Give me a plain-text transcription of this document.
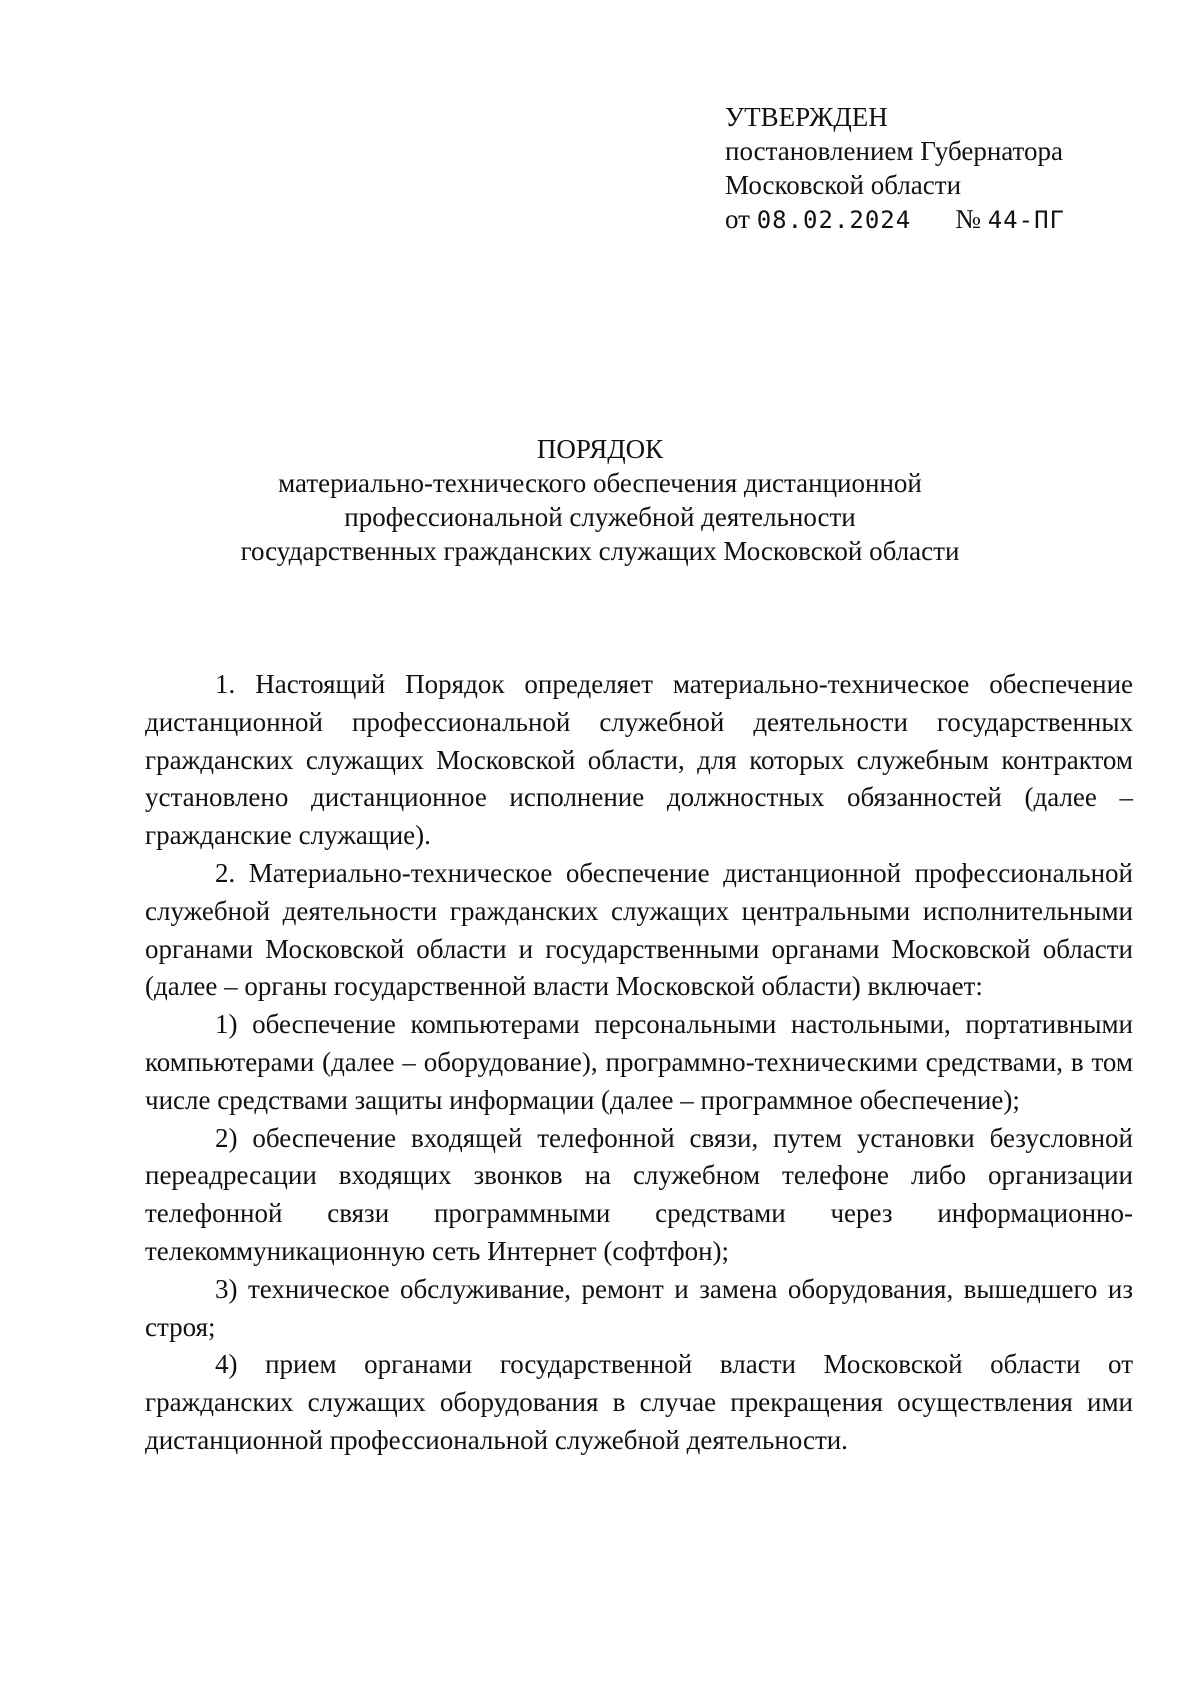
УТВЕРЖДЕН
постановлением Губернатора
Московской области
от 08.02.2024 № 44-ПГ
ПОРЯДОК
материально-технического обеспечения дистанционной
профессиональной служебной деятельности
государственных гражданских служащих Московской области

1. Настоящий Порядок определяет материально-техническое обеспечение дистанционной профессиональной служебной деятельности государственных гражданских служащих Московской области, для которых служебным контрактом установлено дистанционное исполнение должностных обязанностей (далее – гражданские служащие).

2. Материально-техническое обеспечение дистанционной профессиональной служебной деятельности гражданских служащих центральными исполнительными органами Московской области и государственными органами Московской области (далее – органы государственной власти Московской области) включает:

1) обеспечение компьютерами персональными настольными, портативными компьютерами (далее – оборудование), программно-техническими средствами, в том числе средствами защиты информации (далее – программное обеспечение);

2) обеспечение входящей телефонной связи, путем установки безусловной переадресации входящих звонков на служебном телефоне либо организации телефонной связи программными средствами через информационно-телекоммуникационную сеть Интернет (софтфон);

3) техническое обслуживание, ремонт и замена оборудования, вышедшего из строя;

4) прием органами государственной власти Московской области от гражданских служащих оборудования в случае прекращения осуществления ими дистанционной профессиональной служебной деятельности.
